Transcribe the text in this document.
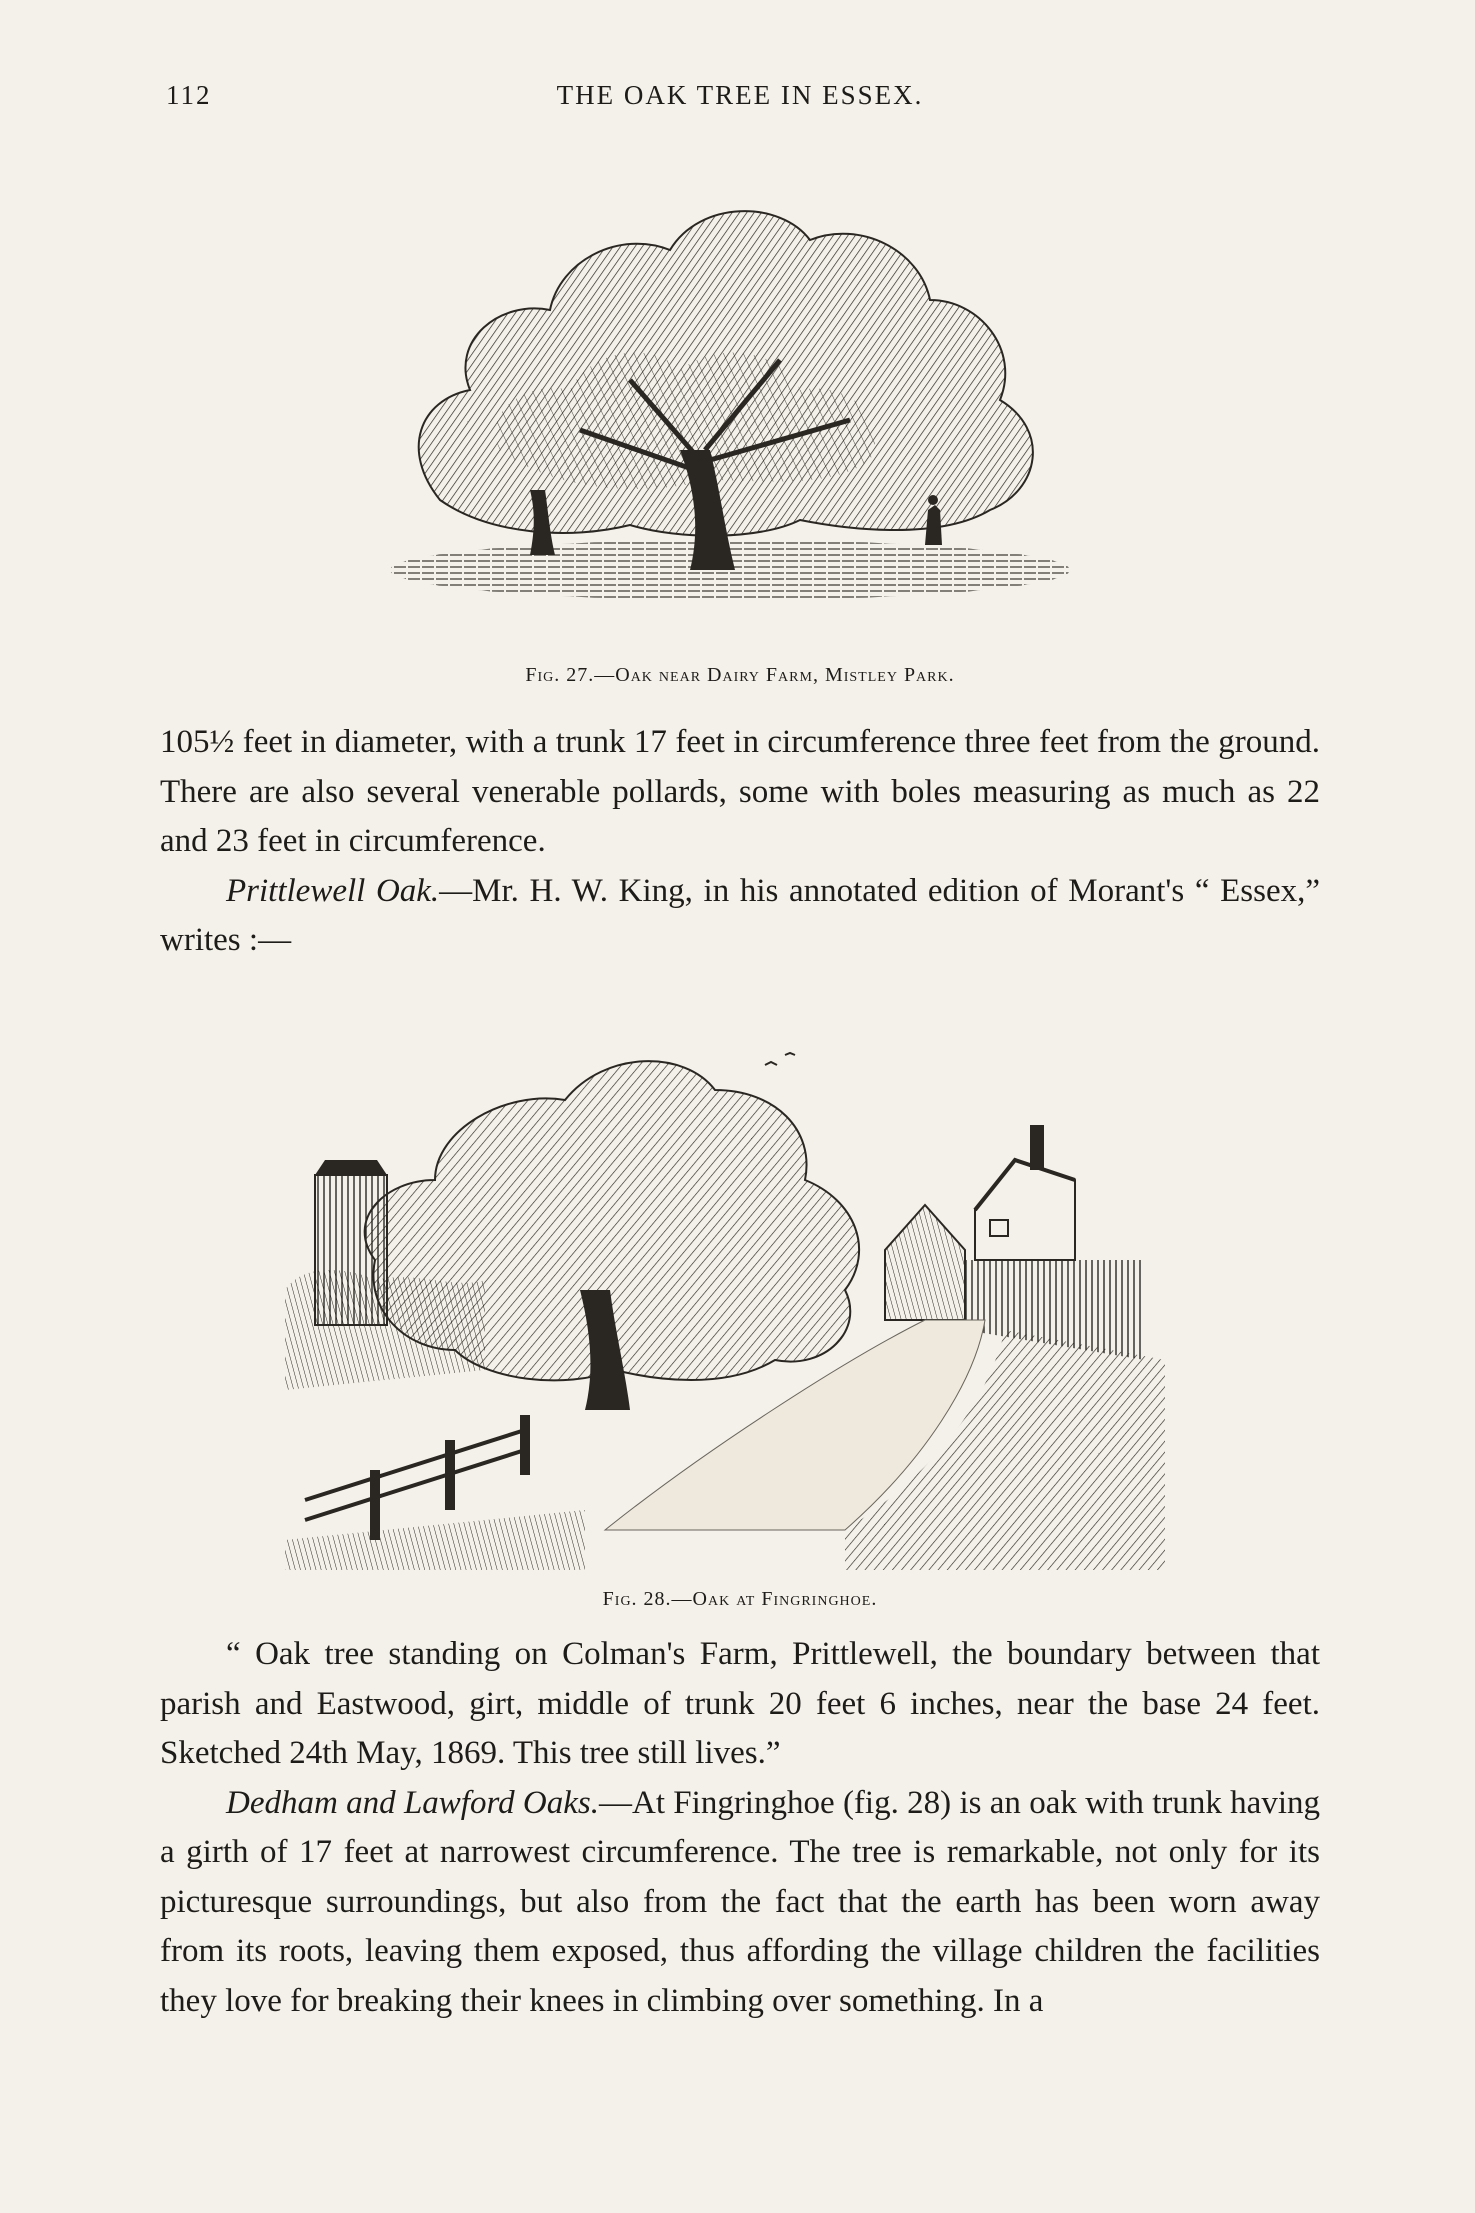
112	THE OAK TREE IN ESSEX.
Fig. 27.—Oak near Dairy Farm, Mistley Park.

105½ feet in diameter, with a trunk 17 feet in circumference three feet from the ground. There are also several venerable pollards, some with boles measuring as much as 22 and 23 feet in circumference.

Prittlewell Oak.—Mr. H. W. King, in his annotated edition of Morant's “ Essex,” writes :—

Fig. 28.—Oak at Fingringhoe.

“ Oak tree standing on Colman's Farm, Prittlewell, the boundary between that parish and Eastwood, girt, middle of trunk 20 feet 6 inches, near the base 24 feet. Sketched 24th May, 1869. This tree still lives.”

Dedham and Lawford Oaks.—At Fingringhoe (fig. 28) is an oak with trunk having a girth of 17 feet at narrowest circumference. The tree is remarkable, not only for its picturesque surroundings, but also from the fact that the earth has been worn away from its roots, leaving them exposed, thus affording the village children the facilities they love for breaking their knees in climbing over something. In a
